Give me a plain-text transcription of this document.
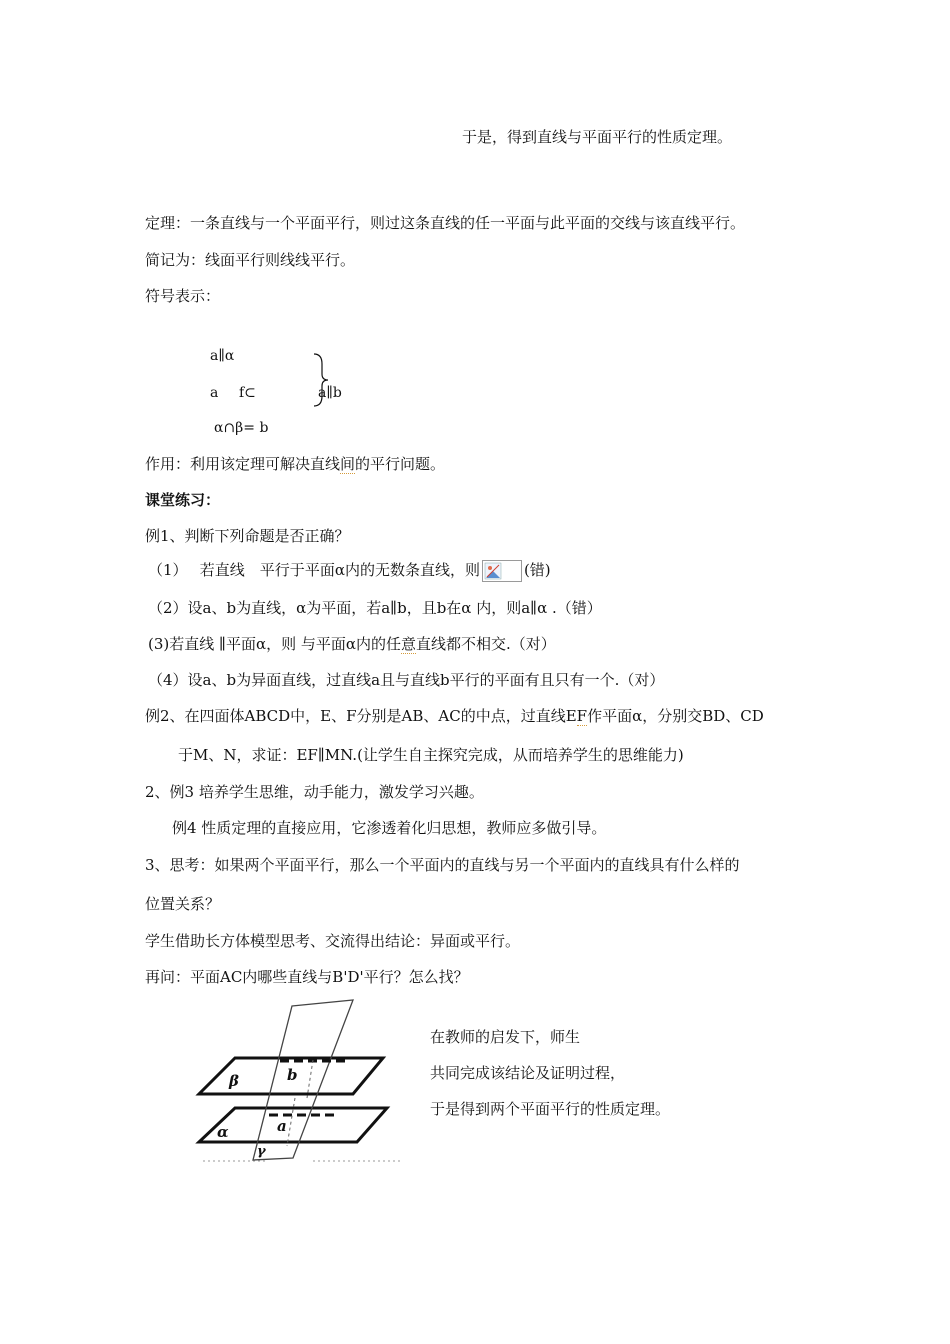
于是，得到直线与平面平行的性质定理。
定理：一条直线与一个平面平行，则过这条直线的任一平面与此平面的交线与该直线平行。
简记为：线面平行则线线平行。
符号表示：
a∥α
a f⊂
α∩β= b
a∥b
作用：利用该定理可解决直线间的平行问题。
课堂练习：
例1、判断下列命题是否正确？
（1）　 若直线　平行于平面α内的无数条直线，则	(错)
（2）设a、b为直线，α为平面，若a∥b，且b在α 内，则a∥α .（错）
(3)若直线 ∥平面α，则 与平面α内的任意直线都不相交.（对）
（4）设a、b为异面直线，过直线a且与直线b平行的平面有且只有一个.（对）
例2、在四面体ABCD中，E、F分别是AB、AC的中点，过直线EF作平面α，分别交BD、CD
于M、N，求证：EF∥MN.(让学生自主探究完成，从而培养学生的思维能力)
2、例3 培养学生思维，动手能力，激发学习兴趣。
例4 性质定理的直接应用，它渗透着化归思想，教师应多做引导。
3、思考：如果两个平面平行，那么一个平面内的直线与另一个平面内的直线具有什么样的
位置关系？
学生借助长方体模型思考、交流得出结论：异面或平行。
再问：平面AC内哪些直线与B'D'平行？怎么找？
β
α
b
a
γ
在教师的启发下，师生
共同完成该结论及证明过程，
于是得到两个平面平行的性质定理。
